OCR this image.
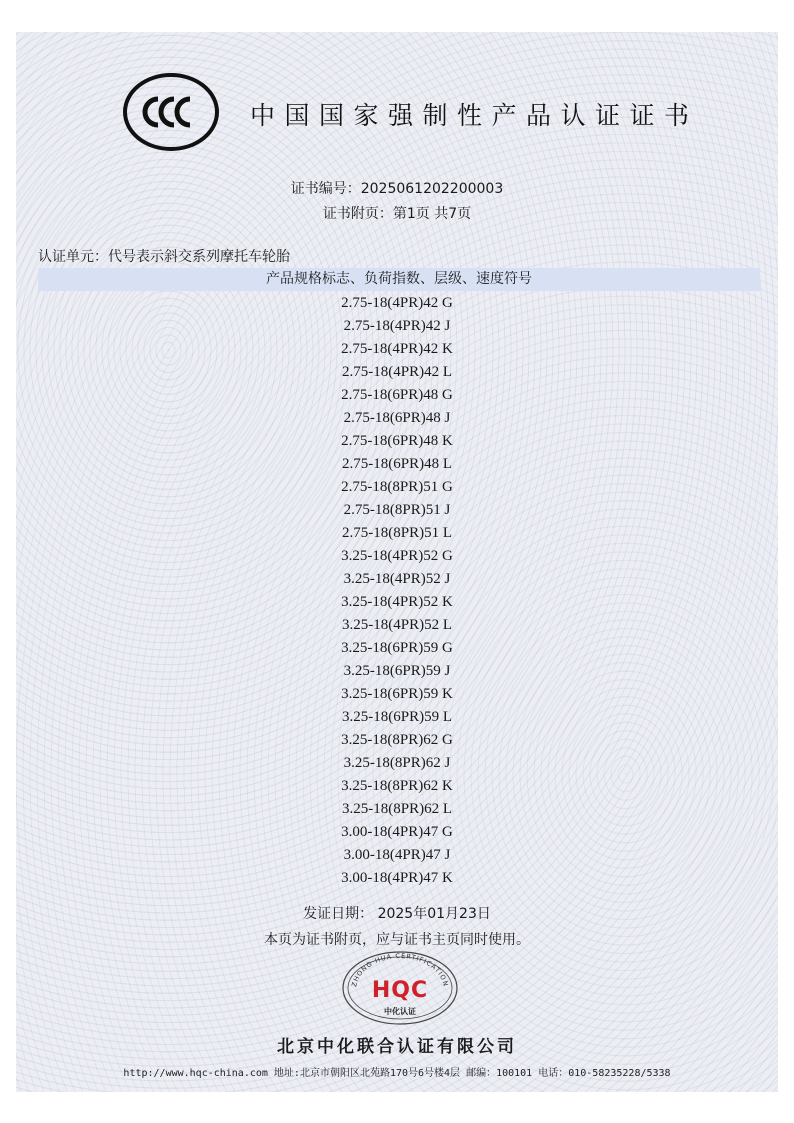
中国国家强制性产品认证证书
证书编号：2025061202200003
证书附页：第1页 共7页
认证单元：代号表示斜交系列摩托车轮胎
产品规格标志、负荷指数、层级、速度符号
2.75-18(4PR)42 G
2.75-18(4PR)42 J
2.75-18(4PR)42 K
2.75-18(4PR)42 L
2.75-18(6PR)48 G
2.75-18(6PR)48 J
2.75-18(6PR)48 K
2.75-18(6PR)48 L
2.75-18(8PR)51 G
2.75-18(8PR)51 J
2.75-18(8PR)51 L
3.25-18(4PR)52 G
3.25-18(4PR)52 J
3.25-18(4PR)52 K
3.25-18(4PR)52 L
3.25-18(6PR)59 G
3.25-18(6PR)59 J
3.25-18(6PR)59 K
3.25-18(6PR)59 L
3.25-18(8PR)62 G
3.25-18(8PR)62 J
3.25-18(8PR)62 K
3.25-18(8PR)62 L
3.00-18(4PR)47 G
3.00-18(4PR)47 J
3.00-18(4PR)47 K
发证日期： 2025年01月23日
本页为证书附页，应与证书主页同时使用。
ZHONG HUA CERTIFICATION
HQC
中化认证
北京中化联合认证有限公司
http://www.hqc-china.com 地址:北京市朝阳区北苑路170号6号楼4层 邮编：100101 电话：010-58235228/5338
